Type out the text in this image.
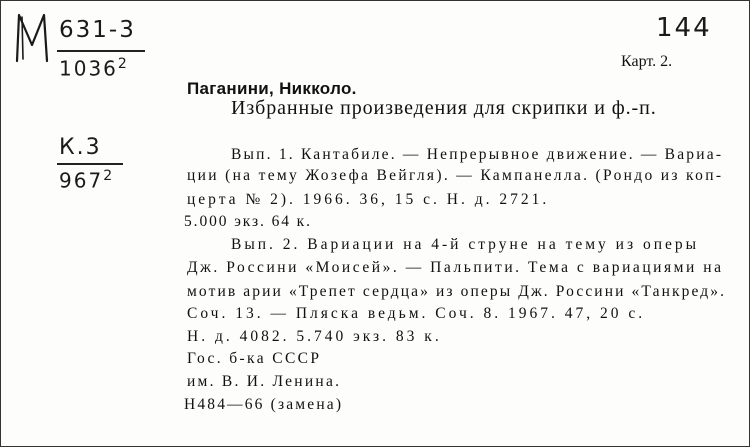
631-3
1036$^2$
К.3
$967^2$
144
Карт. 2.
Паганини, Никколо.
Избранные произведения для скрипки и ф.-п.
Вып. 1. Кантабиле. — Непрерывное движение. — Вариа-
ции (на тему Жозефа Вейгля). — Кампанелла. (Рондо из коп-
церта № 2). 1966. 36, 15 с. Н. д. 2721.
5.000 экз. 64 к.
Вып. 2. Вариации на 4-й струне на тему из оперы
Дж. Россини «Моисей». — Пальпити. Тема с вариациями на
мотив арии «Трепет сердца» из оперы Дж. Россини «Танкред».
Соч. 13. — Пляска ведьм. Соч. 8. 1967. 47, 20 с.
Н. д. 4082. 5.740 экз. 83 к.
Гос. б-ка СССР
им. В. И. Ленина.
Н484—66 (замена)
